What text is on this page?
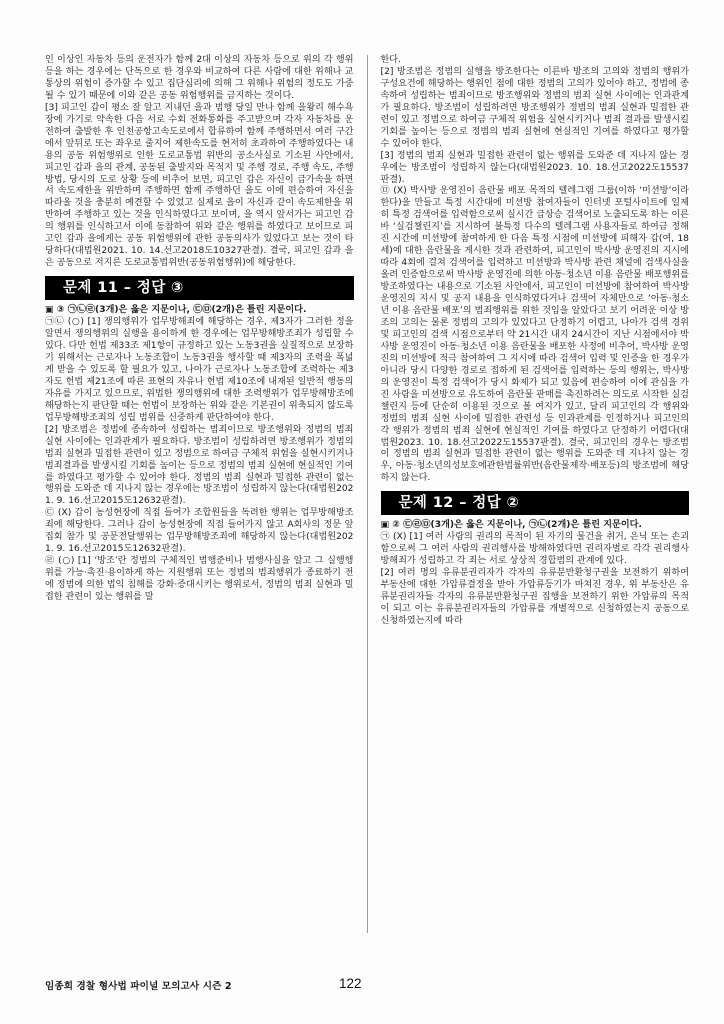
인 이상인 자동차 등의 운전자가 함께 2대 이상의 자동차 등으로 위의 각 행위 등을 하는 경우에는 단독으로 한 경우와 비교하여 다른 사람에 대한 위해나 교통상의 위험이 증가할 수 있고 집단심리에 의해 그 위해나 위험의 정도도 가중될 수 있기 때문에 이와 같은 공동 위험행위를 금지하는 것이다.

[3] 피고인 갑이 평소 잘 알고 지내던 을과 범행 당일 만나 함께 을왕리 해수욕장에 가기로 약속한 다음 서로 수회 전화통화를 주고받으며 각자 자동차를 운전하여 출발한 후 인천공항고속도로에서 합류하여 함께 주행하면서 여러 구간에서 앞뒤로 또는 좌우로 줄지어 제한속도를 현저히 초과하여 주행하였다는 내용의 공동 위험행위로 인한 도로교통법 위반의 공소사실로 기소된 사안에서, 피고인 갑과 을의 관계, 공동된 출발지와 목적지 및 주행 경로, 주행 속도, 주행 방법, 당시의 도로 상황 등에 비추어 보면, 피고인 갑은 자신이 급가속을 하면서 속도제한을 위반하며 주행하면 함께 주행하던 을도 이에 편승하여 자신을 따라올 것을 충분히 예견할 수 있었고 실제로 을이 자신과 같이 속도제한을 위반하여 주행하고 있는 것을 인식하였다고 보이며, 을 역시 앞서가는 피고인 갑의 행위를 인식하고서 이에 동참하여 위와 같은 행위를 하였다고 보이므로 피고인 갑과 을에게는 공동 위험행위에 관한 공동의사가 있었다고 보는 것이 타당하다(대법원2021. 10. 14.선고2018도10327판결). 결국, 피고인 갑과 을은 공동으로 저지른 도로교통법위반(공동위험행위)에 해당한다.

문제 11 – 정답 ③

▣ ③ ㉠㉡㉣(3개)은 옳은 지문이나, ㉢㉤(2개)은 틀린 지문이다.

㉠㉡ (○) [1] 쟁의행위가 업무방해죄에 해당하는 경우, 제3자가 그러한 정을 알면서 쟁의행위의 실행을 용이하게 한 경우에는 업무방해방조죄가 성립할 수 있다. 다만 헌법 제33조 제1항이 규정하고 있는 노동3권을 실질적으로 보장하기 위해서는 근로자나 노동조합이 노동3권을 행사할 때 제3자의 조력을 폭넓게 받을 수 있도록 할 필요가 있고, 나아가 근로자나 노동조합에 조력하는 제3자도 헌법 제21조에 따른 표현의 자유나 헌법 제10조에 내재된 일반적 행동의 자유를 가지고 있으므로, 위법한 쟁의행위에 대한 조력행위가 업무방해방조에 해당하는지 판단할 때는 헌법이 보장하는 위와 같은 기본권이 위축되지 않도록 업무방해방조죄의 성립 범위를 신중하게 판단하여야 한다.

[2] 방조범은 정범에 종속하여 성립하는 범죄이므로 방조행위와 정범의 범죄 실현 사이에는 인과관계가 필요하다. 방조범이 성립하려면 방조행위가 정범의 범죄 실현과 밀접한 관련이 있고 정범으로 하여금 구체적 위험을 실현시키거나 범죄결과를 발생시킬 기회를 높이는 등으로 정범의 범죄 실현에 현실적인 기여를 하였다고 평가할 수 있어야 한다. 정범의 범죄 실현과 밀접한 관련이 없는 행위를 도와준 데 지나지 않는 경우에는 방조범이 성립하지 않는다(대법원2021. 9. 16.선고2015도12632판결).

㉢ (X) 갑이 농성현장에 직접 들어가 조합원들을 독려한 행위는 업무방해방조죄에 해당한다. 그러나 갑이 농성현장에 직접 들어가지 않고 A회사의 정문 앞 집회 참가 및 공문전달행위는 업무방해방조죄에 해당하지 않는다(대법원2021. 9. 16.선고2015도12632판결).

㉣ (○) [1] ‘방조’란 정범의 구체적인 범행준비나 범행사실을 알고 그 실행행위를 가능·촉진·용이하게 하는 지원행위 또는 정범의 범죄행위가 종료하기 전에 정범에 의한 법익 침해를 강화·증대시키는 행위로서, 정범의 범죄 실현과 밀접한 관련이 있는 행위를 말

한다.

[2] 방조범은 정범의 실행을 방조한다는 이른바 방조의 고의와 정범의 행위가 구성요건에 해당하는 행위인 점에 대한 정범의 고의가 있어야 하고, 정범에 종속하여 성립하는 범죄이므로 방조행위와 정범의 범죄 실현 사이에는 인과관계가 필요하다. 방조범이 성립하려면 방조행위가 정범의 범죄 실현과 밀접한 관련이 있고 정범으로 하여금 구체적 위험을 실현시키거나 범죄 결과를 발생시킬 기회를 높이는 등으로 정범의 범죄 실현에 현실적인 기여를 하였다고 평가할 수 있어야 한다.

[3] 정범의 범죄 실현과 밀접한 관련이 없는 행위를 도와준 데 지나지 않는 경우에는 방조범이 성립하지 않는다(대법원2023. 10. 18.선고2022도15537판결).

㉤ (X) 박사방 운영진이 음란물 배포 목적의 텔레그램 그룹(이하 ‘미션방’이라 한다)을 만들고 특정 시간대에 미션방 참여자들이 인터넷 포털사이트에 일제히 특정 검색어를 입력함으로써 실시간 급상승 검색어로 노출되도록 하는 이른바 ‘실검챌린지’를 지시하여 불특정 다수의 텔레그램 사용자들로 하여금 정해진 시간에 미션방에 참여하게 한 다음 특정 시점에 미션방에 피해자 갑(여, 18세)에 대한 음란물을 게시한 것과 관련하여, 피고인이 박사방 운영진의 지시에 따라 4회에 걸쳐 검색어를 입력하고 미션방과 박사방 관련 채널에 검색사실을 올려 인증함으로써 박사방 운영진에 의한 아동·청소년 이용 음란물 배포행위를 방조하였다는 내용으로 기소된 사안에서, 피고인이 미션방에 참여하여 박사방 운영진의 지시 및 공지 내용을 인식하였다거나 검색어 자체만으로 ‘아동·청소년 이용 음란물 배포’의 범죄행위를 위한 것임을 알았다고 보기 어려운 이상 방조의 고의는 물론 정범의 고의가 있었다고 단정하기 어렵고, 나아가 검색 경위 및 피고인의 검색 시점으로부터 약 21시간 내지 24시간이 지난 시점에서야 박사방 운영진이 아동·청소년 이용 음란물을 배포한 사정에 비추어, 박사방 운영진의 미션방에 적극 참여하여 그 지시에 따라 검색어 입력 및 인증을 한 경우가 아니라 당시 다양한 경로로 접하게 된 검색어를 입력하는 등의 행위는, 박사방의 운영진이 특정 검색어가 당시 화제가 되고 있음에 편승하여 이에 관심을 가진 사람을 미션방으로 유도하여 음란물 판매를 촉진하려는 의도로 시작한 실검챌린지 등에 단순히 이용된 것으로 볼 여지가 있고, 달리 피고인의 각 행위와 정범의 범죄 실현 사이에 밀접한 관련성 등 인과관계를 인정하거나 피고인의 각 행위가 정범의 범죄 실현에 현실적인 기여를 하였다고 단정하기 어렵다(대법원2023. 10. 18.선고2022도15537판결). 결국, 피고인의 경우는 방조범이 정범의 범죄 실현과 밀접한 관련이 없는 행위를 도와준 데 지나지 않는 경우, 아동·청소년의성보호에관한법률위반(음란물제작·배포등)의 방조범에 해당하지 않는다.

문제 12 – 정답 ②

▣ ② ㉢㉣㉤(3개)은 옳은 지문이나, ㉠㉡(2개)은 틀린 지문이다.

㉠ (X) [1] 여러 사람의 권리의 목적이 된 자기의 물건을 취거, 은닉 또는 손괴함으로써 그 여러 사람의 권리행사를 방해하였다면 권리자별로 각각 권리행사방해죄가 성립하고 각 죄는 서로 상상적 경합범의 관계에 있다.

[2] 여러 명의 유류분권리자가 각자의 유류분반환청구권을 보전하기 위하여 부동산에 대한 가압류결정을 받아 가압류등기가 마쳐진 경우, 위 부동산은 유류분권리자들 각자의 유류분반환청구권 집행을 보전하기 위한 가압류의 목적이 되고 이는 유류분권리자들의 가압류를 개별적으로 신청하였는지 공동으로 신청하였는지에 따라

임종희 경찰 형사법 파이널 모의고사 시즌 2	122
